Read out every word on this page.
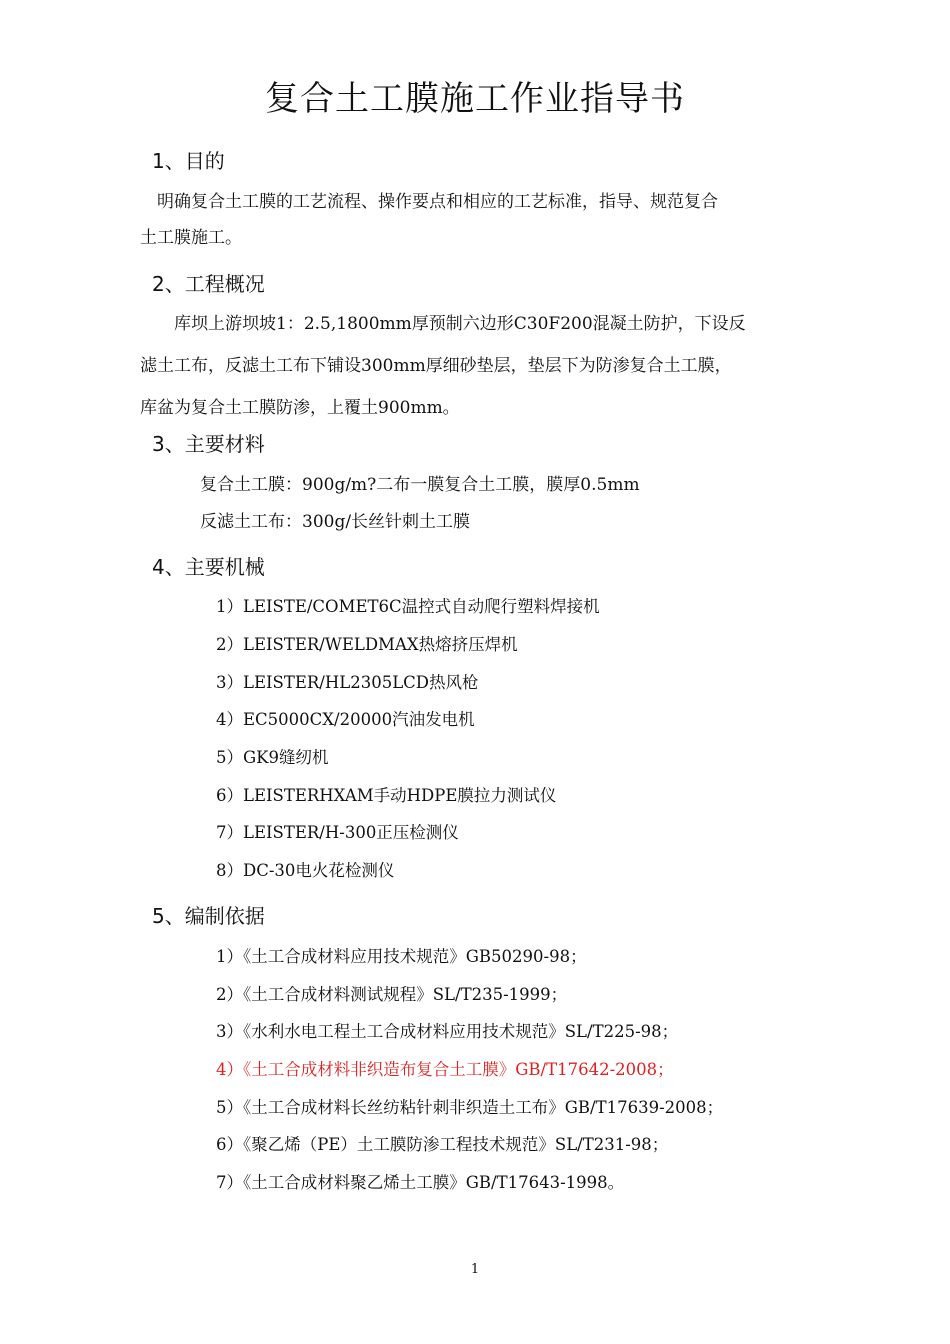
复合土工膜施工作业指导书
1、目的
　明确复合土工膜的工艺流程、操作要点和相应的工艺标准，指导、规范复合
土工膜施工。
2、工程概况
　　库坝上游坝坡1：2.5,1800mm厚预制六边形C30F200混凝土防护，下设反
滤土工布，反滤土工布下铺设300mm厚细砂垫层，垫层下为防渗复合土工膜，
库盆为复合土工膜防渗，上覆土900mm。
3、主要材料
复合土工膜：900g/m?二布一膜复合土工膜，膜厚0.5mm
反滤土工布：300g/长丝针刺土工膜
4、主要机械
1）LEISTE/COMET6C温控式自动爬行塑料焊接机
2）LEISTER/WELDMAX热熔挤压焊机
3）LEISTER/HL2305LCD热风枪
4）EC5000CX/20000汽油发电机
5）GK9缝纫机
6）LEISTERHXAM手动HDPE膜拉力测试仪
7）LEISTER/H-300正压检测仪
8）DC-30电火花检测仪
5、编制依据
1）《土工合成材料应用技术规范》GB50290-98；
2）《土工合成材料测试规程》SL/T235-1999；
3）《水利水电工程土工合成材料应用技术规范》SL/T225-98；
4）《土工合成材料非织造布复合土工膜》GB/T17642-2008；
5）《土工合成材料长丝纺粘针刺非织造土工布》GB/T17639-2008；
6）《聚乙烯（PE）土工膜防渗工程技术规范》SL/T231-98；
7）《土工合成材料聚乙烯土工膜》GB/T17643-1998。
1
